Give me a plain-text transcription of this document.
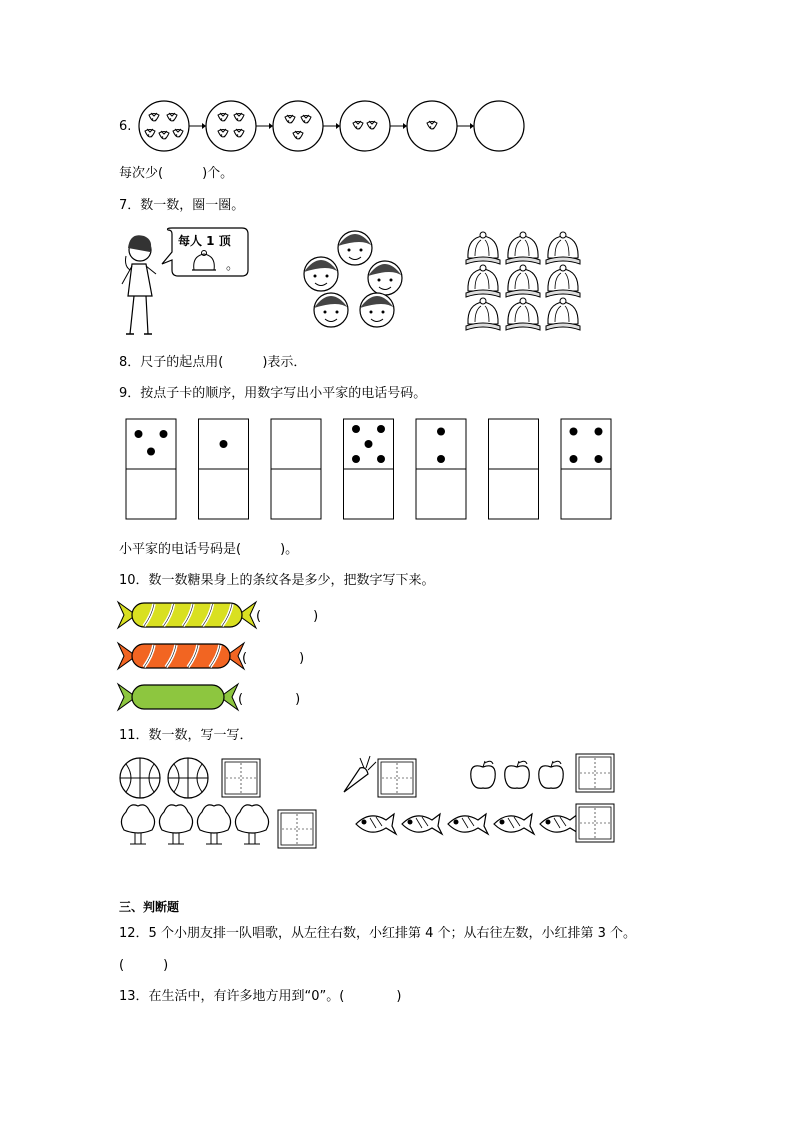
6.
每次少(　　　)个。
7．数一数，圈一圈。
每人 1 顶
。
8．尺子的起点用(　　　)表示．
9．按点子卡的顺序，用数字写出小平家的电话号码。
小平家的电话号码是(　　　)。
10．数一数糖果身上的条纹各是多少，把数字写下来。
(　　　　)
(　　　　)
(　　　　)
11．数一数，写一写．
三、判断题
12．5 个小朋友排一队唱歌，从左往右数，小红排第 4 个；从右往左数，小红排第 3 个。
(　　　)
13．在生活中，有许多地方用到“0”。(　　　　)
